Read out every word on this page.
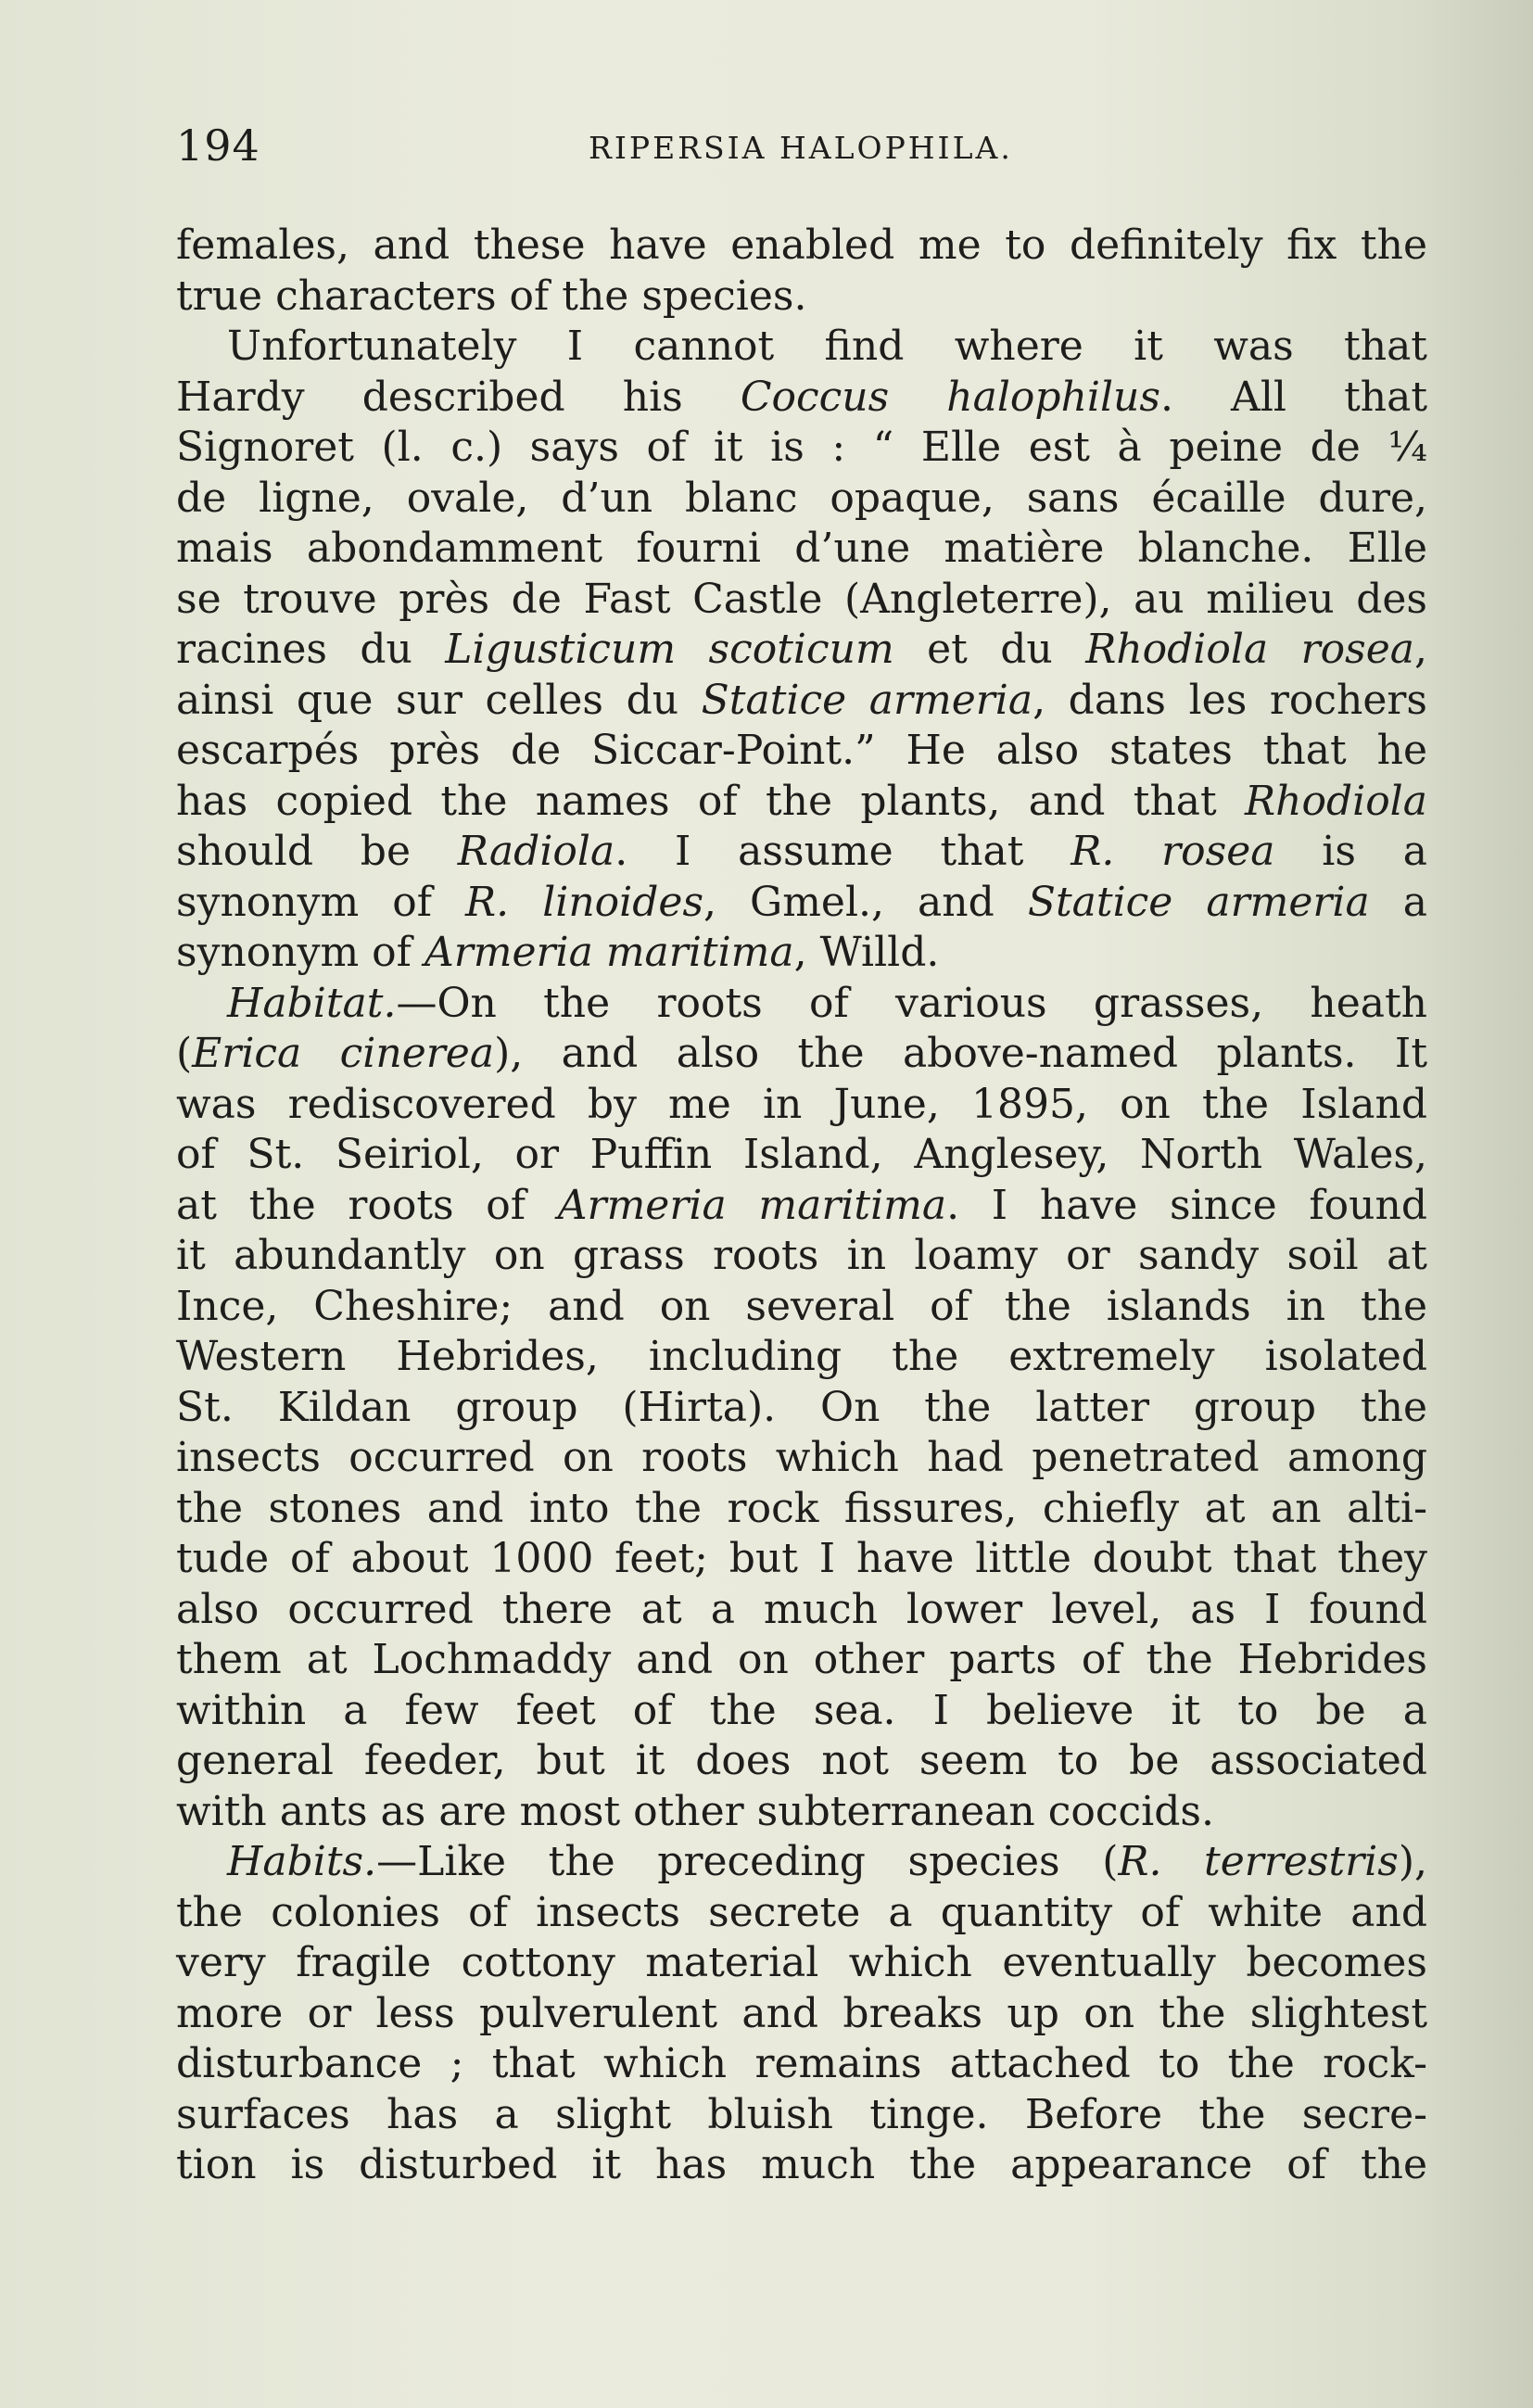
194	RIPERSIA HALOPHILA.
females, and these have enabled me to definitely fix the
true characters of the species.
Unfortunately I cannot find where it was that
Hardy described his Coccus halophilus. All that
Signoret (l. c.) says of it is : “ Elle est à peine de ¼
de ligne, ovale, d’un blanc opaque, sans écaille dure,
mais abondamment fourni d’une matière blanche. Elle
se trouve près de Fast Castle (Angleterre), au milieu des
racines du Ligusticum scoticum et du Rhodiola rosea,
ainsi que sur celles du Statice armeria, dans les rochers
escarpés près de Siccar-Point.” He also states that he
has copied the names of the plants, and that Rhodiola
should be Radiola. I assume that R. rosea is a
synonym of R. linoides, Gmel., and Statice armeria a
synonym of Armeria maritima, Willd.
Habitat.—On the roots of various grasses, heath
(Erica cinerea), and also the above-named plants. It
was rediscovered by me in June, 1895, on the Island
of St. Seiriol, or Puffin Island, Anglesey, North Wales,
at the roots of Armeria maritima. I have since found
it abundantly on grass roots in loamy or sandy soil at
Ince, Cheshire; and on several of the islands in the
Western Hebrides, including the extremely isolated
St. Kildan group (Hirta). On the latter group the
insects occurred on roots which had penetrated among
the stones and into the rock fissures, chiefly at an alti-
tude of about 1000 feet; but I have little doubt that they
also occurred there at a much lower level, as I found
them at Lochmaddy and on other parts of the Hebrides
within a few feet of the sea. I believe it to be a
general feeder, but it does not seem to be associated
with ants as are most other subterranean coccids.
Habits.—Like the preceding species (R. terrestris),
the colonies of insects secrete a quantity of white and
very fragile cottony material which eventually becomes
more or less pulverulent and breaks up on the slightest
disturbance ; that which remains attached to the rock-
surfaces has a slight bluish tinge. Before the secre-
tion is disturbed it has much the appearance of the
